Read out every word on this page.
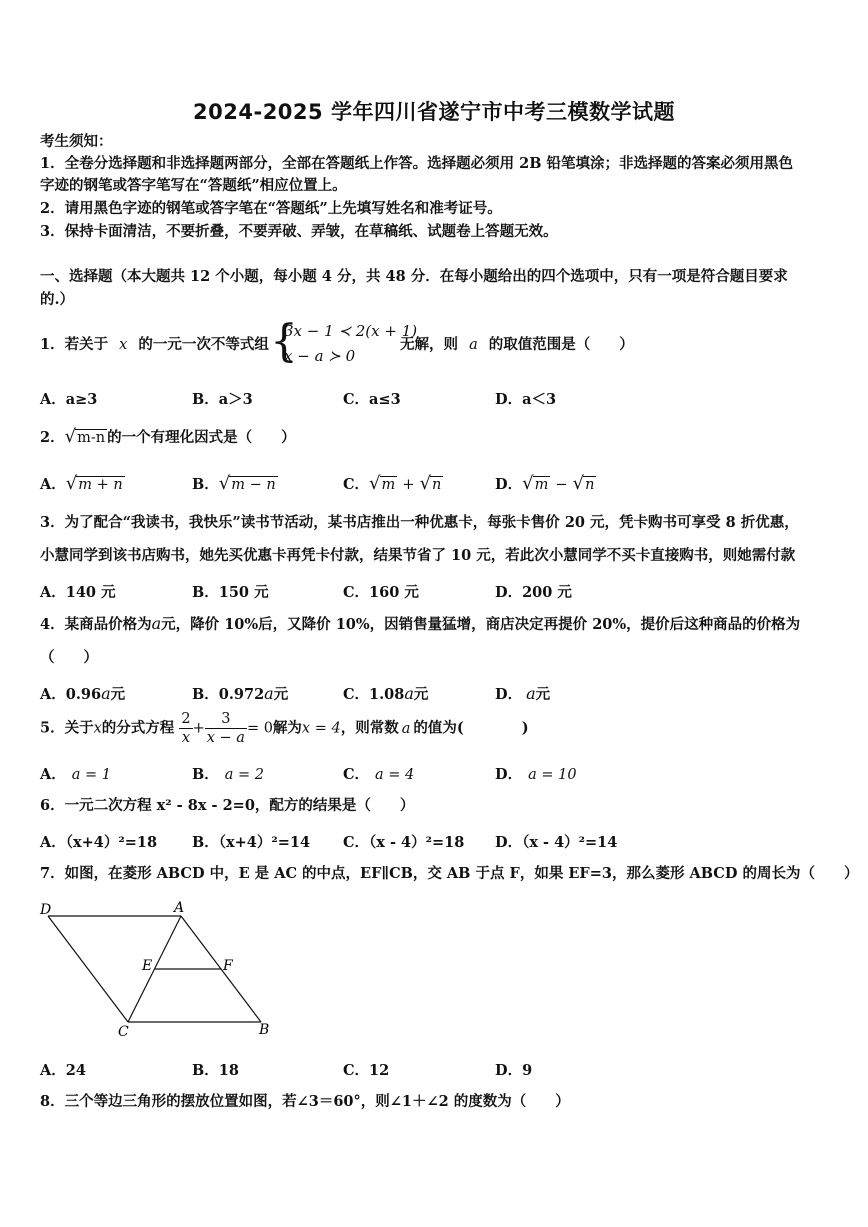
2024-2025 学年四川省遂宁市中考三模数学试题
考生须知：
1．全卷分选择题和非选择题两部分，全部在答题纸上作答。选择题必须用 2B 铅笔填涂；非选择题的答案必须用黑色
字迹的钢笔或答字笔写在“答题纸”相应位置上。
2．请用黑色字迹的钢笔或答字笔在“答题纸”上先填写姓名和准考证号。
3．保持卡面清洁，不要折叠，不要弄破、弄皱，在草稿纸、试题卷上答题无效。
一、选择题（本大题共 12 个小题，每小题 4 分，共 48 分．在每小题给出的四个选项中，只有一项是符合题目要求
的.）
1．若关于 x 的一元一次不等式组 {
3x − 1 ≺ 2(x + 1)
x − a ≻ 0
无解，则 a 的取值范围是（　　）
A．a≥3	B．a＞3	C．a≤3	D．a＜3
2．√m-n 的一个有理化因式是（　　）
A．√m + n	B．√m − n	C．√m + √n	D．√m − √n
3．为了配合“我读书，我快乐”读书节活动，某书店推出一种优惠卡，每张卡售价 20 元，凭卡购书可享受 8 折优惠，
小慧同学到该书店购书，她先买优惠卡再凭卡付款，结果节省了 10 元，若此次小慧同学不买卡直接购书，则她需付款
A．140 元	B．150 元	C．160 元	D．200 元
4．某商品价格为a元，降价 10%后，又降价 10%，因销售量猛增，商店决定再提价 20%，提价后这种商品的价格为
（　　）
A．0.96a元	B．0.972a元	C．1.08a元	D． a元
5．关于x的分式方程 $\frac{2}{x} + \frac{3}{x - a} = 0$解为x = 4，则常数 a 的值为(　　　　)
A． a = 1	B． a = 2	C． a = 4	D． a = 10
6．一元二次方程 x² - 8x - 2=0，配方的结果是（　　）
A．（x+4）²=18 B．（x+4）²=14 C．（x - 4）²=18 D．（x - 4）²=14
7．如图，在菱形 ABCD 中，E 是 AC 的中点，EF∥CB，交 AB 于点 F，如果 EF=3，那么菱形 ABCD 的周长为（　　）
D	A
E	F
C	B
A．24	B．18	C．12	D．9
8．三个等边三角形的摆放位置如图，若∠3＝60°，则∠1＋∠2 的度数为（　　）
